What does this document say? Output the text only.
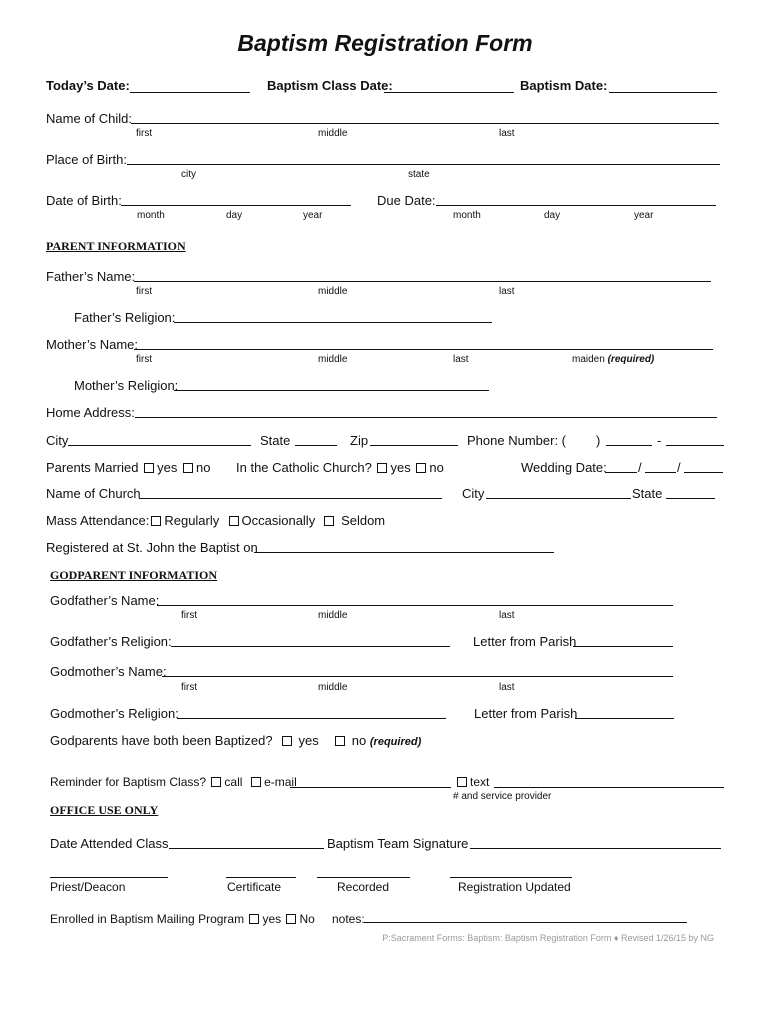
Baptism Registration Form
Today’s Date:	Baptism Class Date:	Baptism Date:
Name of Child:
first	middle	last
Place of Birth:
city	state
Date of Birth:	Due Date:
month	day	year	month	day	year
PARENT INFORMATION
Father’s Name:
first	middle	last
Father’s Religion:
Mother’s Name:
first	middle	last	maiden (required)
Mother’s Religion:
Home Address:
City	State	Zip	Phone Number: ( )	-
Parents Married yes no In the Catholic Church? yes no	Wedding Date: /	/
Name of Church	City	State
Mass Attendance: Regularly Occasionally Seldom
Registered at St. John the Baptist on
GODPARENT INFORMATION
Godfather’s Name:
first	middle	last
Godfather’s Religion:	Letter from Parish
Godmother’s Name:
first	middle	last
Godmother’s Religion:	Letter from Parish
Godparents have both been Baptized? yes	no (required)
Reminder for Baptism Class? call e-mail	text
# and service provider
OFFICE USE ONLY
Date Attended Class	Baptism Team Signature
Priest/Deacon	Certificate	Recorded	Registration Updated
Enrolled in Baptism Mailing Program yes No notes:
P:Sacrament Forms: Baptism: Baptism Registration Form ♦ Revised 1/26/15 by NG
